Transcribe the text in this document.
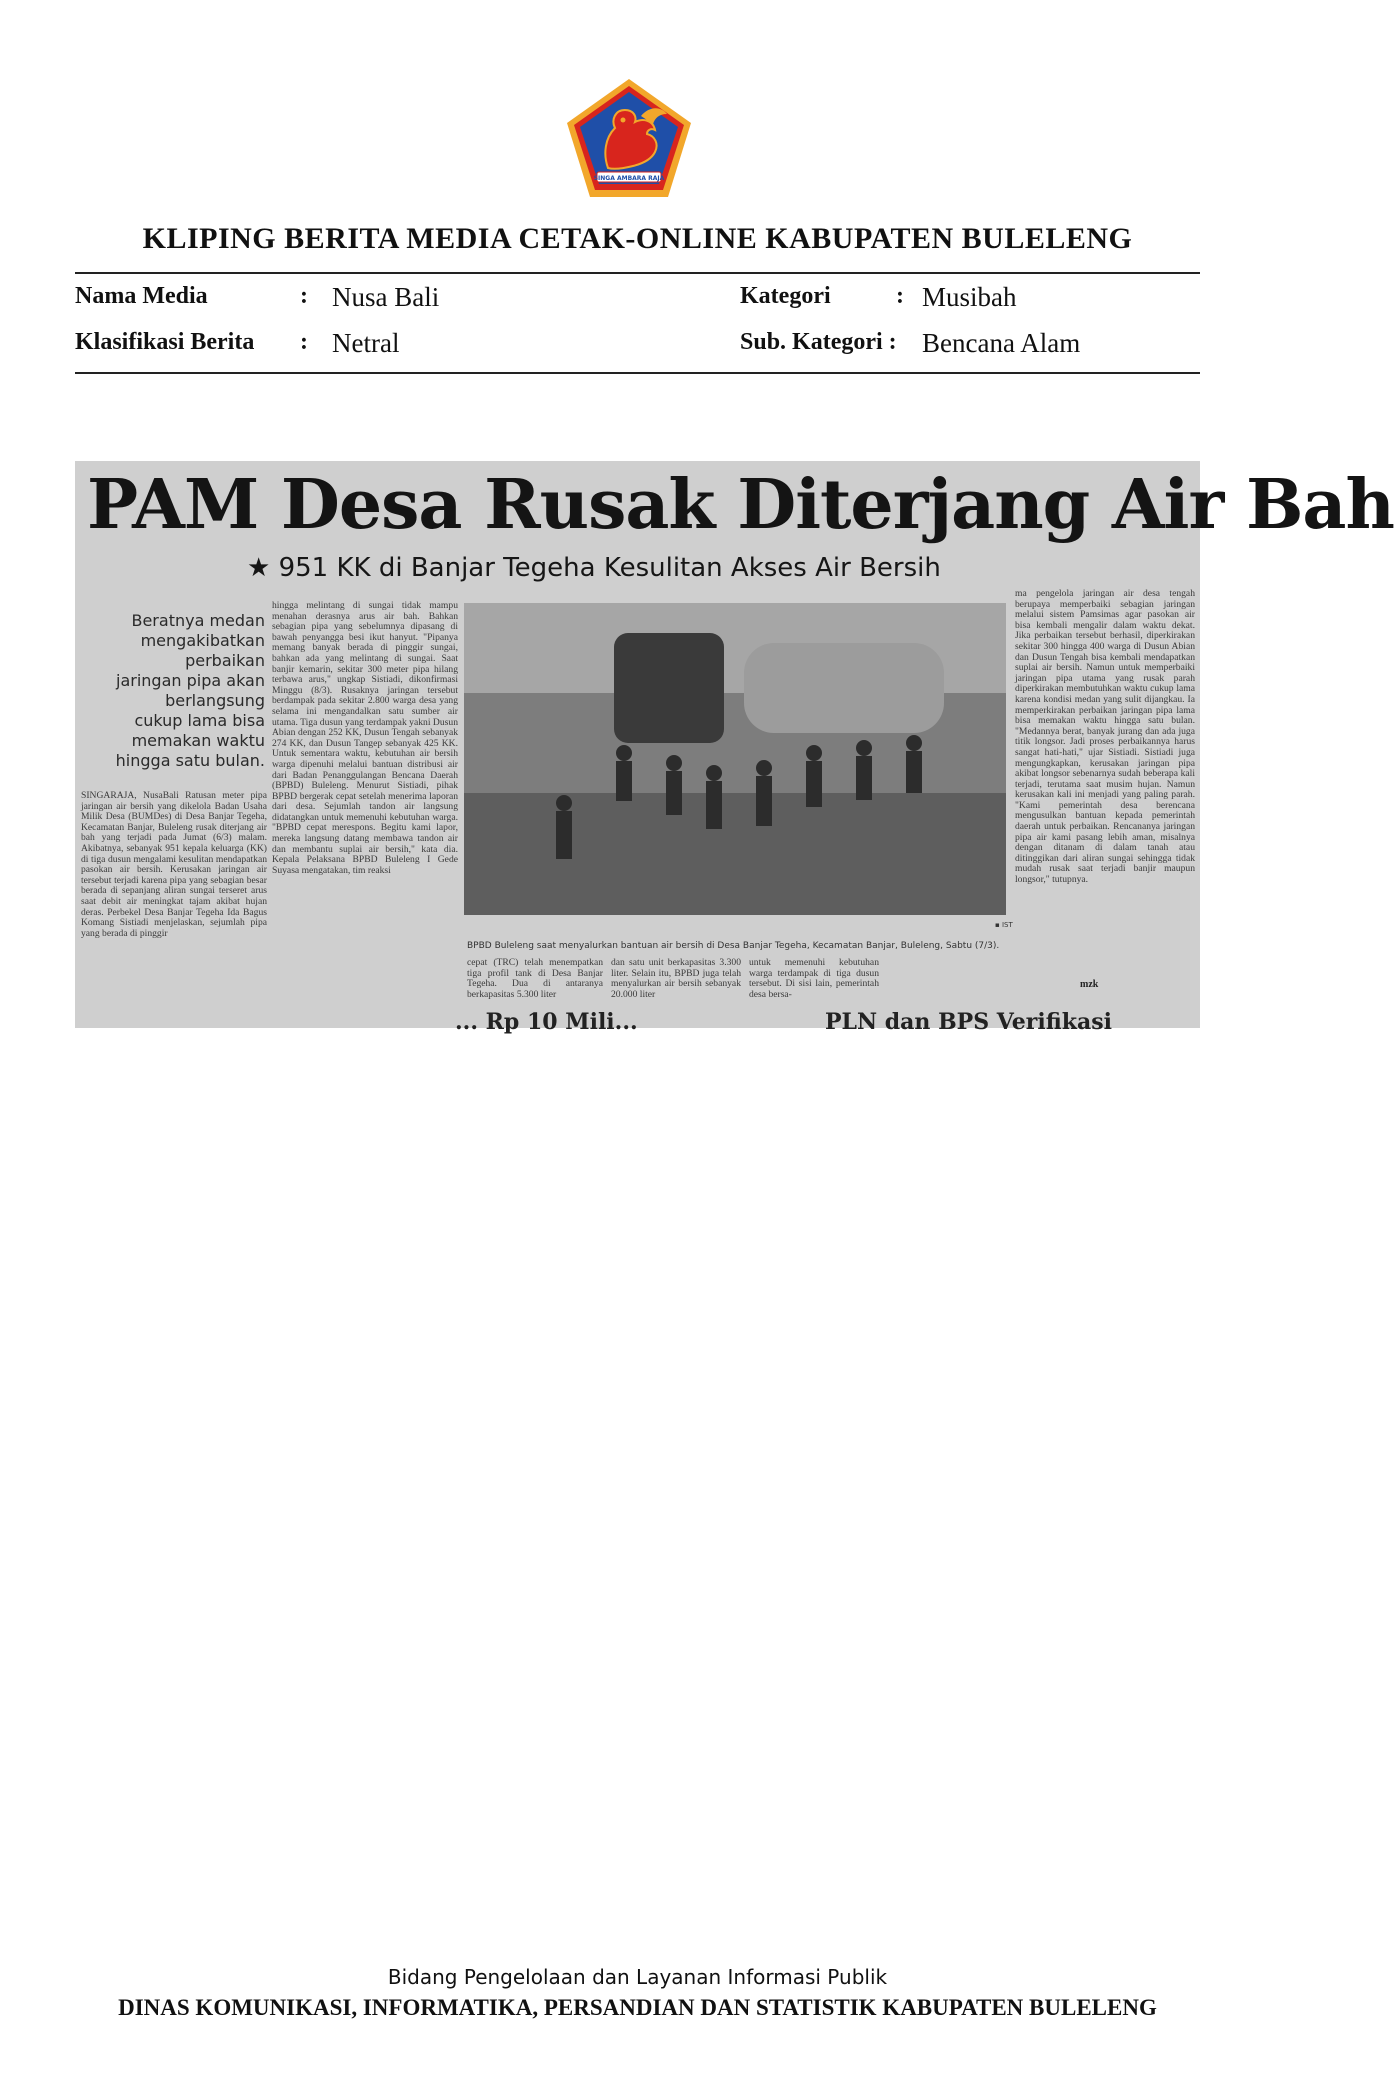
SINGA AMBARA RAJA
KLIPING BERITA MEDIA CETAK-ONLINE KABUPATEN BULELENG
Nama Media	: Nusa Bali
Klasifikasi Berita : Netral
Kategori	: Musibah
Sub. Kategori : Bencana Alam
PAM Desa Rusak Diterjang Air Bah
★ 951 KK di Banjar Tegeha Kesulitan Akses Air Bersih
Beratnya medan mengakibatkan perbaikan jaringan pipa akan berlangsung cukup lama bisa memakan waktu hingga satu bulan.
SINGARAJA, NusaBali Ratusan meter pipa jaringan air bersih yang dikelola Badan Usaha Milik Desa (BUMDes) di Desa Banjar Tegeha, Kecamatan Banjar, Buleleng rusak diterjang air bah yang terjadi pada Jumat (6/3) malam. Akibatnya, sebanyak 951 kepala keluarga (KK) di tiga dusun mengalami kesulitan mendapatkan pasokan air bersih. Kerusakan jaringan air tersebut terjadi karena pipa yang sebagian besar berada di sepanjang aliran sungai terseret arus saat debit air meningkat tajam akibat hujan deras. Perbekel Desa Banjar Tegeha Ida Bagus Komang Sistiadi menjelaskan, sejumlah pipa yang berada di pinggir
hingga melintang di sungai tidak mampu menahan derasnya arus air bah. Bahkan sebagian pipa yang sebelumnya dipasang di bawah penyangga besi ikut hanyut. "Pipanya memang banyak berada di pinggir sungai, bahkan ada yang melintang di sungai. Saat banjir kemarin, sekitar 300 meter pipa hilang terbawa arus," ungkap Sistiadi, dikonfirmasi Minggu (8/3). Rusaknya jaringan tersebut berdampak pada sekitar 2.800 warga desa yang selama ini mengandalkan satu sumber air utama. Tiga dusun yang terdampak yakni Dusun Abian dengan 252 KK, Dusun Tengah sebanyak 274 KK, dan Dusun Tangep sebanyak 425 KK. Untuk sementara waktu, kebutuhan air bersih warga dipenuhi melalui bantuan distribusi air dari Badan Penanggulangan Bencana Daerah (BPBD) Buleleng. Menurut Sistiadi, pihak BPBD bergerak cepat setelah menerima laporan dari desa. Sejumlah tandon air langsung didatangkan untuk memenuhi kebutuhan warga. "BPBD cepat merespons. Begitu kami lapor, mereka langsung datang membawa tandon air dan membantu suplai air bersih," kata dia. Kepala Pelaksana BPBD Buleleng I Gede Suyasa mengatakan, tim reaksi
▪ IST
BPBD Buleleng saat menyalurkan bantuan air bersih di Desa Banjar Tegeha, Kecamatan Banjar, Buleleng, Sabtu (7/3).
cepat (TRC) telah menempatkan tiga profil tank di Desa Banjar Tegeha. Dua di antaranya berkapasitas 5.300 liter
dan satu unit berkapasitas 3.300 liter. Selain itu, BPBD juga telah menyalurkan air bersih sebanyak 20.000 liter
untuk memenuhi kebutuhan warga terdampak di tiga dusun tersebut. Di sisi lain, pemerintah desa bersa-
ma pengelola jaringan air desa tengah berupaya memperbaiki sebagian jaringan melalui sistem Pamsimas agar pasokan air bisa kembali mengalir dalam waktu dekat. Jika perbaikan tersebut berhasil, diperkirakan sekitar 300 hingga 400 warga di Dusun Abian dan Dusun Tengah bisa kembali mendapatkan suplai air bersih. Namun untuk memperbaiki jaringan pipa utama yang rusak parah diperkirakan membutuhkan waktu cukup lama karena kondisi medan yang sulit dijangkau. Ia memperkirakan perbaikan jaringan pipa lama bisa memakan waktu hingga satu bulan. "Medannya berat, banyak jurang dan ada juga titik longsor. Jadi proses perbaikannya harus sangat hati-hati," ujar Sistiadi. Sistiadi juga mengungkapkan, kerusakan jaringan pipa akibat longsor sebenarnya sudah beberapa kali terjadi, terutama saat musim hujan. Namun kerusakan kali ini menjadi yang paling parah. "Kami pemerintah desa berencana mengusulkan bantuan kepada pemerintah daerah untuk perbaikan. Rencananya jaringan pipa air kami pasang lebih aman, misalnya dengan ditanam di dalam tanah atau ditinggikan dari aliran sungai sehingga tidak mudah rusak saat terjadi banjir maupun longsor," tutupnya.
mzk
... Rp 10 Mili...	PLN dan BPS Verifikasi
Bidang Pengelolaan dan Layanan Informasi Publik
DINAS KOMUNIKASI, INFORMATIKA, PERSANDIAN DAN STATISTIK KABUPATEN BULELENG
